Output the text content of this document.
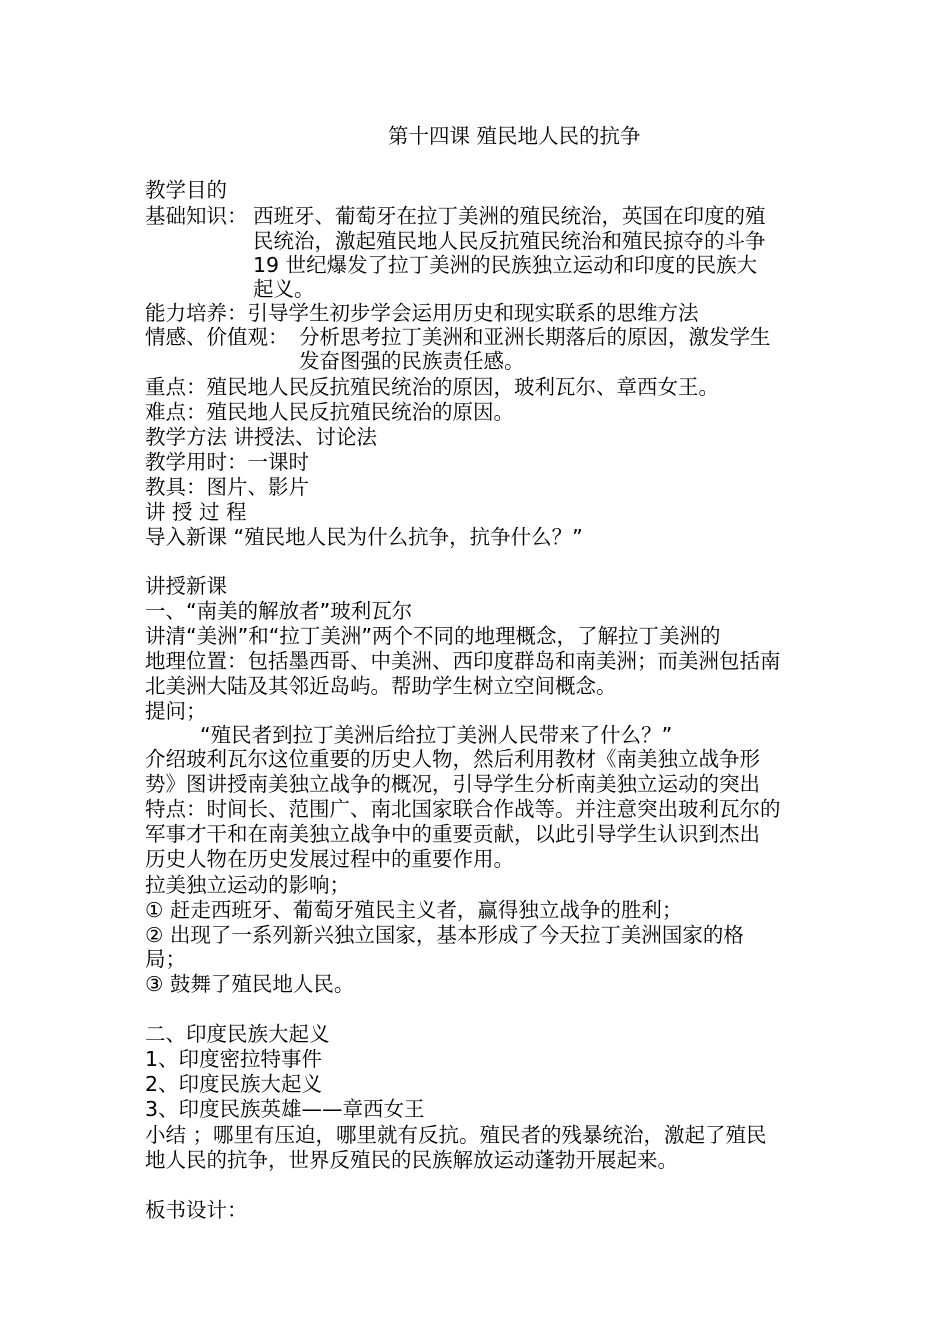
第十四课 殖民地人民的抗争
教学目的
基础知识： 西班牙、葡萄牙在拉丁美洲的殖民统治，英国在印度的殖
民统治，激起殖民地人民反抗殖民统治和殖民掠夺的斗争
19 世纪爆发了拉丁美洲的民族独立运动和印度的民族大
起义。
能力培养：引导学生初步学会运用历史和现实联系的思维方法
情感、价值观： 分析思考拉丁美洲和亚洲长期落后的原因，激发学生
发奋图强的民族责任感。
重点：殖民地人民反抗殖民统治的原因，玻利瓦尔、章西女王。
难点：殖民地人民反抗殖民统治的原因。
教学方法 讲授法、讨论法
教学用时：一课时
教具：图片、影片
讲 授 过 程
导入新课 “殖民地人民为什么抗争，抗争什么？”
讲授新课
一、“南美的解放者”玻利瓦尔
讲清“美洲”和“拉丁美洲”两个不同的地理概念，了解拉丁美洲的
地理位置：包括墨西哥、中美洲、西印度群岛和南美洲；而美洲包括南
北美洲大陆及其邻近岛屿。帮助学生树立空间概念。
提问；
“殖民者到拉丁美洲后给拉丁美洲人民带来了什么？”
介绍玻利瓦尔这位重要的历史人物，然后利用教材《南美独立战争形
势》图讲授南美独立战争的概况，引导学生分析南美独立运动的突出
特点：时间长、范围广、南北国家联合作战等。并注意突出玻利瓦尔的
军事才干和在南美独立战争中的重要贡献，以此引导学生认识到杰出
历史人物在历史发展过程中的重要作用。
拉美独立运动的影响；
① 赶走西班牙、葡萄牙殖民主义者，赢得独立战争的胜利；
② 出现了一系列新兴独立国家，基本形成了今天拉丁美洲国家的格
局；
③ 鼓舞了殖民地人民。
二、印度民族大起义
1、印度密拉特事件
2、印度民族大起义
3、印度民族英雄——章西女王
小结 ；哪里有压迫，哪里就有反抗。殖民者的残暴统治，激起了殖民
地人民的抗争，世界反殖民的民族解放运动蓬勃开展起来。
板书设计：
